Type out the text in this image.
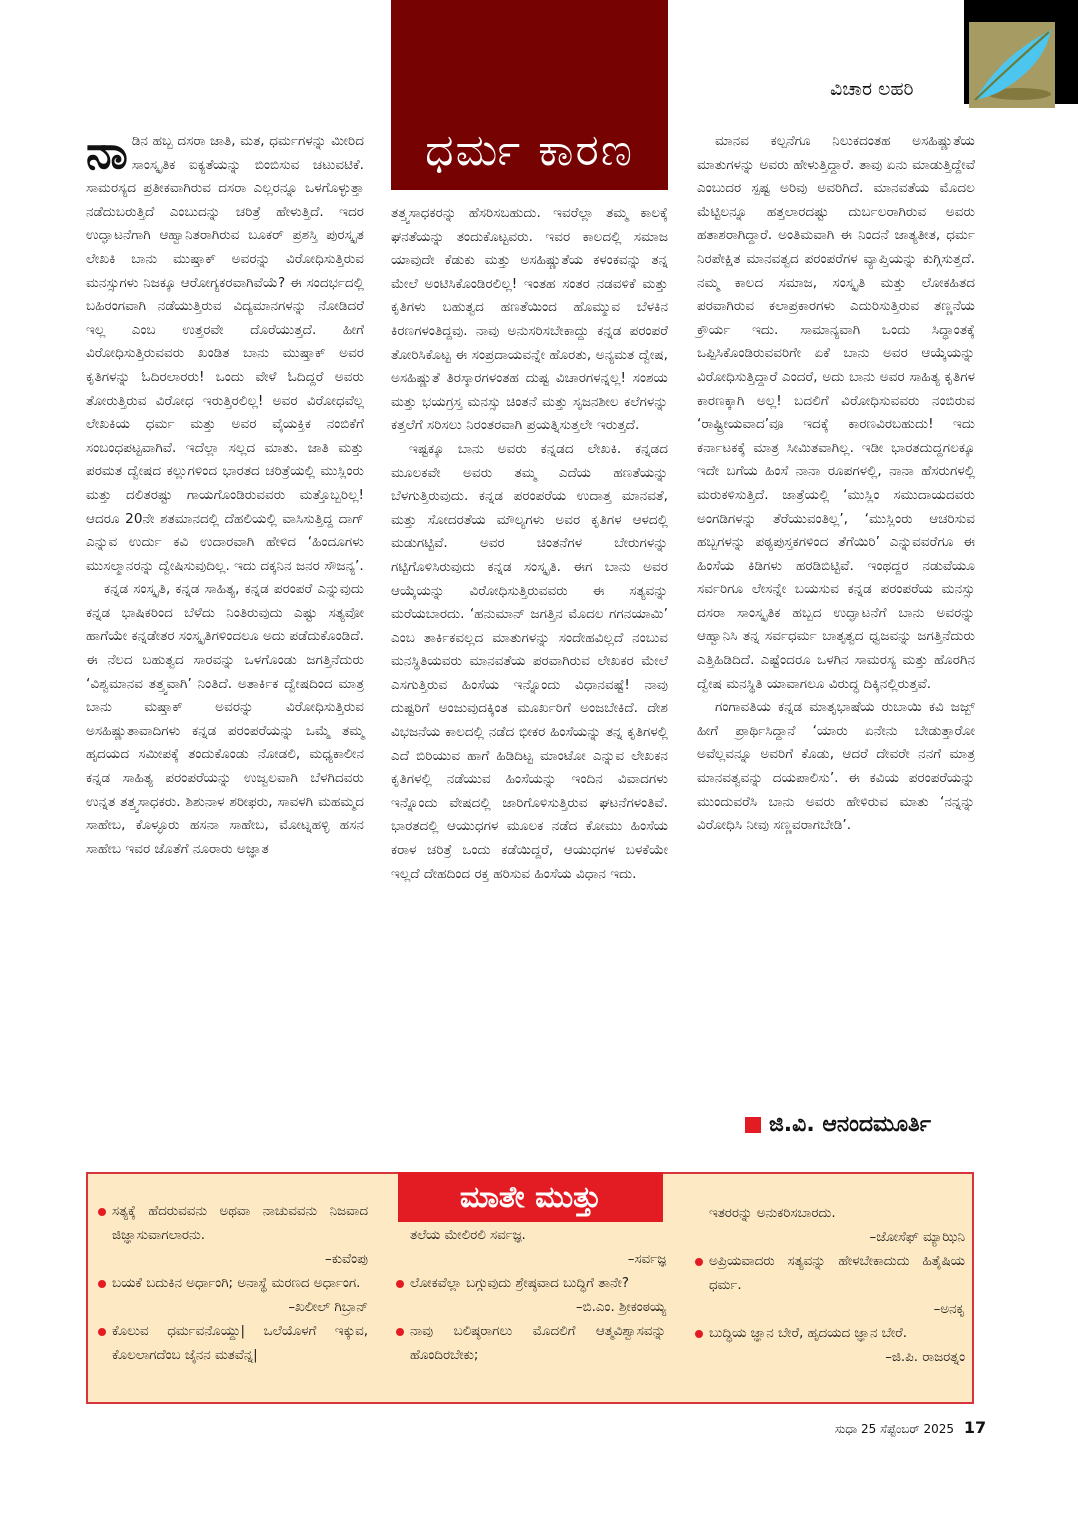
ಧರ್ಮ ಕಾರಣ
ವಿಚಾರ ಲಹರಿ

ನಾಡಿನ ಹಬ್ಬ ದಸರಾ ಜಾತಿ, ಮತ, ಧರ್ಮಗಳನ್ನು ಮೀರಿದ ಸಾಂಸ್ಕೃತಿಕ ಐಕ್ಯತೆಯನ್ನು ಬಿಂಬಿಸುವ ಚಟುವಟಿಕೆ. ಸಾಮರಸ್ಯದ ಪ್ರತೀಕವಾಗಿರುವ ದಸರಾ ಎಲ್ಲರನ್ನೂ ಒಳಗೊಳ್ಳುತ್ತಾ ನಡೆದುಬರುತ್ತಿದೆ ಎಂಬುದನ್ನು ಚರಿತ್ರೆ ಹೇಳುತ್ತಿದೆ. ಇದರ ಉದ್ಘಾಟನೆಗಾಗಿ ಆಹ್ವಾನಿತರಾಗಿರುವ ಬೂಕರ್ ಪ್ರಶಸ್ತಿ ಪುರಸ್ಕೃತ ಲೇಖಕಿ ಬಾನು ಮುಷ್ತಾಕ್ ಅವರನ್ನು ವಿರೋಧಿಸುತ್ತಿರುವ ಮನಸ್ಸುಗಳು ನಿಜಕ್ಕೂ ಆರೋಗ್ಯಕರವಾಗಿವೆಯೆ? ಈ ಸಂದರ್ಭದಲ್ಲಿ ಬಹಿರಂಗವಾಗಿ ನಡೆಯುತ್ತಿರುವ ವಿದ್ಯಮಾನಗಳನ್ನು ನೋಡಿದರೆ ಇಲ್ಲ ಎಂಬ ಉತ್ತರವೇ ದೊರೆಯುತ್ತದೆ. ಹೀಗೆ ವಿರೋಧಿಸುತ್ತಿರುವವರು ಖಂಡಿತ ಬಾನು ಮುಷ್ತಾಕ್ ಅವರ ಕೃತಿಗಳನ್ನು ಓದಿರಲಾರರು! ಒಂದು ವೇಳೆ ಓದಿದ್ದರೆ ಅವರು ತೋರುತ್ತಿರುವ ವಿರೋಧ ಇರುತ್ತಿರಲಿಲ್ಲ! ಅವರ ವಿರೋಧವೆಲ್ಲ ಲೇಖಕಿಯ ಧರ್ಮ ಮತ್ತು ಅವರ ವೈಯಕ್ತಿಕ ನಂಬಿಕೆಗೆ ಸಂಬಂಧಪಟ್ಟವಾಗಿವೆ. ಇದೆಲ್ಲಾ ಸಲ್ಲದ ಮಾತು. ಜಾತಿ ಮತ್ತು ಪರಮತ ದ್ವೇಷದ ಕಲ್ಲುಗಳಿಂದ ಭಾರತದ ಚರಿತ್ರೆಯಲ್ಲಿ ಮುಸ್ಲಿಂರು ಮತ್ತು ದಲಿತರಷ್ಟು ಗಾಯಗೊಂಡಿರುವವರು ಮತ್ತೊಬ್ಬರಿಲ್ಲ! ಆದರೂ 20ನೇ ಶತಮಾನದಲ್ಲಿ ದೆಹಲಿಯಲ್ಲಿ ವಾಸಿಸುತ್ತಿದ್ದ ದಾಗ್ ಎನ್ನುವ ಉರ್ದು ಕವಿ ಉದಾರವಾಗಿ ಹೇಳಿದ ‘ಹಿಂದೂಗಳು ಮುಸಲ್ಮಾನರನ್ನು ದ್ವೇಷಿಸುವುದಿಲ್ಲ. ಇದು ದಕ್ಕನಿನ ಜನರ ಸೌಜನ್ಯ’.

ಕನ್ನಡ ಸಂಸ್ಕೃತಿ, ಕನ್ನಡ ಸಾಹಿತ್ಯ, ಕನ್ನಡ ಪರಂಪರೆ ಎನ್ನುವುದು ಕನ್ನಡ ಭಾಷಿಕರಿಂದ ಬೆಳೆದು ನಿಂತಿರುವುದು ಎಷ್ಟು ಸತ್ಯವೋ ಹಾಗೆಯೇ ಕನ್ನಡೇತರ ಸಂಸ್ಕೃತಿಗಳಿಂದಲೂ ಅದು ಪಡೆದುಕೊಂಡಿದೆ. ಈ ನೆಲದ ಬಹುತ್ವದ ಸಾರವನ್ನು ಒಳಗೊಂಡು ಜಗತ್ತಿನೆದುರು ‘ವಿಶ್ವಮಾನವ ತತ್ತ್ವವಾಗಿ’ ನಿಂತಿದೆ. ಅತಾರ್ಕಿಕ ದ್ವೇಷದಿಂದ ಮಾತ್ರ ಬಾನು ಮಷ್ತಾಕ್ ಅವರನ್ನು ವಿರೋಧಿಸುತ್ತಿರುವ ಅಸಹಿಷ್ಣುತಾವಾದಿಗಳು ಕನ್ನಡ ಪರಂಪರೆಯನ್ನು ಒಮ್ಮೆ ತಮ್ಮ ಹೃದಯದ ಸಮೀಪಕ್ಕೆ ತಂದುಕೊಂಡು ನೋಡಲಿ, ಮಧ್ಯಕಾಲೀನ ಕನ್ನಡ ಸಾಹಿತ್ಯ ಪರಂಪರೆಯನ್ನು ಉಜ್ವಲವಾಗಿ ಬೆಳಗಿದವರು ಉನ್ನತ ತತ್ತ್ವಸಾಧಕರು. ಶಿಶುನಾಳ ಶರೀಫರು, ಸಾವಳಗಿ ಮಹಮ್ಮದ ಸಾಹೇಬ, ಕೊಳ್ಳೂರು ಹಸನಾ ಸಾಹೇಬ, ಮೋಟ್ನಹಳ್ಳಿ ಹಸನ ಸಾಹೇಬ ಇವರ ಜೊತೆಗೆ ನೂರಾರು ಅಜ್ಞಾತ

ತತ್ತ್ವಸಾಧಕರನ್ನು ಹೆಸರಿಸಬಹುದು. ಇವರೆಲ್ಲಾ ತಮ್ಮ ಕಾಲಕ್ಕೆ ಘನತೆಯನ್ನು ತಂದುಕೊಟ್ಟವರು. ಇವರ ಕಾಲದಲ್ಲಿ ಸಮಾಜ ಯಾವುದೇ ಕೆಡುಕು ಮತ್ತು ಅಸಹಿಷ್ಣುತೆಯ ಕಳಂಕವನ್ನು ತನ್ನ ಮೇಲೆ ಅಂಟಿಸಿಕೊಂಡಿರಲಿಲ್ಲ! ಇಂತಹ ಸಂತರ ನಡವಳಿಕೆ ಮತ್ತು ಕೃತಿಗಳು ಬಹುತ್ವದ ಹಣತೆಯಿಂದ ಹೊಮ್ಮುವ ಬೆಳಕಿನ ಕಿರಣಗಳಂತಿದ್ದವು. ನಾವು ಅನುಸರಿಸಬೇಕಾದ್ದು ಕನ್ನಡ ಪರಂಪರೆ ತೋರಿಸಿಕೊಟ್ಟ ಈ ಸಂಪ್ರದಾಯವನ್ನೇ ಹೊರತು, ಅನ್ಯಮತ ದ್ವೇಷ, ಅಸಹಿಷ್ಣುತೆ ತಿರಸ್ಕಾರಗಳಂತಹ ದುಷ್ಟ ವಿಚಾರಗಳನ್ನಲ್ಲ! ಸಂಶಯ ಮತ್ತು ಭಯಗ್ರಸ್ತ ಮನಸ್ಸು ಚಿಂತನೆ ಮತ್ತು ಸೃಜನಶೀಲ ಕಲೆಗಳನ್ನು ಕತ್ತಲೆಗೆ ಸರಿಸಲು ನಿರಂತರವಾಗಿ ಪ್ರಯತ್ನಿಸುತ್ತಲೇ ಇರುತ್ತದೆ.

ಇಷ್ಟಕ್ಕೂ ಬಾನು ಅವರು ಕನ್ನಡದ ಲೇಖಕಿ. ಕನ್ನಡದ ಮೂಲಕವೇ ಅವರು ತಮ್ಮ ಎದೆಯ ಹಣತೆಯನ್ನು ಬೆಳಗುತ್ತಿರುವುದು. ಕನ್ನಡ ಪರಂಪರೆಯ ಉದಾತ್ತ ಮಾನವತೆ, ಮತ್ತು ಸೋದರತೆಯ ಮೌಲ್ಯಗಳು ಅವರ ಕೃತಿಗಳ ಆಳದಲ್ಲಿ ಮಡುಗಟ್ಟಿವೆ. ಅವರ ಚಿಂತನೆಗಳ ಬೇರುಗಳನ್ನು ಗಟ್ಟಿಗೊಳಿಸಿರುವುದು ಕನ್ನಡ ಸಂಸ್ಕೃತಿ. ಈಗ ಬಾನು ಅವರ ಆಯ್ಕೆಯನ್ನು ವಿರೋಧಿಸುತ್ತಿರುವವರು ಈ ಸತ್ಯವನ್ನು ಮರೆಯಬಾರದು. ‘ಹನುಮಾನ್ ಜಗತ್ತಿನ ಮೊದಲ ಗಗನಯಾಮಿ’ ಎಂಬ ತಾರ್ಕಿಕವಲ್ಲದ ಮಾತುಗಳನ್ನು ಸಂದೇಹವಿಲ್ಲದೆ ನಂಬುವ ಮನಸ್ಥಿತಿಯವರು ಮಾನವತೆಯ ಪರವಾಗಿರುವ ಲೇಖಕರ ಮೇಲೆ ಎಸಗುತ್ತಿರುವ ಹಿಂಸೆಯ ಇನ್ನೊಂದು ವಿಧಾನವಷ್ಟೆ! ನಾವು ದುಷ್ಟರಿಗೆ ಅಂಜುವುದಕ್ಕಿಂತ ಮೂರ್ಖರಿಗೆ ಅಂಜಬೇಕಿದೆ. ದೇಶ ವಿಭಜನೆಯ ಕಾಲದಲ್ಲಿ ನಡೆದ ಭೀಕರ ಹಿಂಸೆಯನ್ನು ತನ್ನ ಕೃತಿಗಳಲ್ಲಿ ಎದೆ ಬಿರಿಯುವ ಹಾಗೆ ಹಿಡಿದಿಟ್ಟ ಮಾಂಟೋ ಎನ್ನುವ ಲೇಖಕನ ಕೃತಿಗಳಲ್ಲಿ ನಡೆಯುವ ಹಿಂಸೆಯನ್ನು ಇಂದಿನ ವಿವಾದಗಳು ಇನ್ನೊಂದು ವೇಷದಲ್ಲಿ ಜಾರಿಗೊಳಿಸುತ್ತಿರುವ ಘಟನೆಗಳಂತಿವೆ. ಭಾರತದಲ್ಲಿ ಆಯುಧಗಳ ಮೂಲಕ ನಡೆದ ಕೋಮು ಹಿಂಸೆಯ ಕರಾಳ ಚರಿತ್ರೆ ಒಂದು ಕಡೆಯಿದ್ದರೆ, ಆಯುಧಗಳ ಬಳಕೆಯೇ ಇಲ್ಲದೆ ದೇಹದಿಂದ ರಕ್ತ ಹರಿಸುವ ಹಿಂಸೆಯ ವಿಧಾನ ಇದು.

ಮಾನವ ಕಲ್ಪನೆಗೂ ನಿಲುಕದಂತಹ ಅಸಹಿಷ್ಣುತೆಯ ಮಾತುಗಳನ್ನು ಅವರು ಹೇಳುತ್ತಿದ್ದಾರೆ. ತಾವು ಏನು ಮಾಡುತ್ತಿದ್ದೇವೆ ಎಂಬುದರ ಸ್ಪಷ್ಟ ಅರಿವು ಅವರಿಗಿದೆ. ಮಾನವತೆಯ ಮೊದಲ ಮೆಟ್ಟಿಲನ್ನೂ ಹತ್ತಲಾರದಷ್ಟು ದುರ್ಬಲರಾಗಿರುವ ಅವರು ಹತಾಶರಾಗಿದ್ದಾರೆ. ಅಂತಿಮವಾಗಿ ಈ ನಿಂದನೆ ಜಾತ್ಯತೀತ, ಧರ್ಮ ನಿರಪೇಕ್ಷಿತ ಮಾನವತ್ವದ ಪರಂಪರೆಗಳ ವ್ಯಾಪ್ತಿಯನ್ನು ಕುಗ್ಗಿಸುತ್ತದೆ. ನಮ್ಮ ಕಾಲದ ಸಮಾಜ, ಸಂಸ್ಕೃತಿ ಮತ್ತು ಲೋಕಹಿತದ ಪರವಾಗಿರುವ ಕಲಾಪ್ರಕಾರಗಳು ಎದುರಿಸುತ್ತಿರುವ ತಣ್ಣನೆಯ ಕ್ರೌರ್ಯ ಇದು. ಸಾಮಾನ್ಯವಾಗಿ ಒಂದು ಸಿದ್ಧಾಂತಕ್ಕೆ ಒಪ್ಪಿಸಿಕೊಂಡಿರುವವರಿಗೇ ಏಕೆ ಬಾನು ಅವರ ಆಯ್ಕೆಯನ್ನು ವಿರೋಧಿಸುತ್ತಿದ್ದಾರೆ ಎಂದರೆ, ಅದು ಬಾನು ಅವರ ಸಾಹಿತ್ಯ ಕೃತಿಗಳ ಕಾರಣಕ್ಕಾಗಿ ಅಲ್ಲ! ಬದಲಿಗೆ ವಿರೋಧಿಸುವವರು ನಂಬಿರುವ ‘ರಾಷ್ಟ್ರೀಯವಾದ’ವೂ ಇದಕ್ಕೆ ಕಾರಣವಿರಬಹುದು! ಇದು ಕರ್ನಾಟಕಕ್ಕೆ ಮಾತ್ರ ಸೀಮಿತವಾಗಿಲ್ಲ. ಇಡೀ ಭಾರತದುದ್ದಗಲಕ್ಕೂ ಇದೇ ಬಗೆಯ ಹಿಂಸೆ ನಾನಾ ರೂಪಗಳಲ್ಲಿ, ನಾನಾ ಹೆಸರುಗಳಲ್ಲಿ ಮರುಕಳಿಸುತ್ತಿದೆ. ಜಾತ್ರೆಯಲ್ಲಿ ‘ಮುಸ್ಲಿಂ ಸಮುದಾಯದವರು ಅಂಗಡಿಗಳನ್ನು ತೆರೆಯುವಂತಿಲ್ಲ’, ‘ಮುಸ್ಲಿಂರು ಆಚರಿಸುವ ಹಬ್ಬಗಳನ್ನು ಪಠ್ಯಪುಸ್ತಕಗಳಿಂದ ತೆಗೆಯಿರಿ’ ಎನ್ನುವವರೆಗೂ ಈ ಹಿಂಸೆಯ ಕಿಡಿಗಳು ಹರಡಿಬಿಟ್ಟಿವೆ. ಇಂಥದ್ದರ ನಡುವೆಯೂ ಸರ್ವರಿಗೂ ಲೇಸನ್ನೇ ಬಯಸುವ ಕನ್ನಡ ಪರಂಪರೆಯ ಮನಸ್ಸು ದಸರಾ ಸಾಂಸ್ಕೃತಿಕ ಹಬ್ಬದ ಉದ್ಘಾಟನೆಗೆ ಬಾನು ಅವರನ್ನು ಆಹ್ವಾನಿಸಿ ತನ್ನ ಸರ್ವಧರ್ಮ ಬಾತೃತ್ವದ ಧ್ವಜವನ್ನು ಜಗತ್ತಿನೆದುರು ಎತ್ತಿಹಿಡಿದಿದೆ. ಎಷ್ಟೆಂದರೂ ಒಳಗಿನ ಸಾಮರಸ್ಯ ಮತ್ತು ಹೊರಗಿನ ದ್ವೇಷ ಮನಸ್ಥಿತಿ ಯಾವಾಗಲೂ ವಿರುದ್ಧ ದಿಕ್ಕಿನಲ್ಲಿರುತ್ತವೆ.

ಗಂಗಾವತಿಯ ಕನ್ನಡ ಮಾತೃಭಾಷೆಯ ರುಬಾಯಿ ಕವಿ ಜಜ್ಬ್ ಹೀಗೆ ಪ್ರಾರ್ಥಿಸಿದ್ದಾನೆ ‘ಯಾರು ಏನೇನು ಬೇಡುತ್ತಾರೋ ಅವೆಲ್ಲವನ್ನೂ ಅವರಿಗೆ ಕೊಡು, ಆದರೆ ದೇವರೇ ನನಗೆ ಮಾತ್ರ ಮಾನವತ್ವವನ್ನು ದಯಪಾಲಿಸು’. ಈ ಕವಿಯ ಪರಂಪರೆಯನ್ನು ಮುಂದುವರೆಸಿ ಬಾನು ಅವರು ಹೇಳಿರುವ ಮಾತು ‘ನನ್ನನ್ನು ವಿರೋಧಿಸಿ ನೀವು ಸಣ್ಣವರಾಗಬೇಡಿ’.

ಜಿ.ವಿ. ಆನಂದಮೂರ್ತಿ
ಮಾತೇ ಮುತ್ತು
ಸತ್ಯಕ್ಕೆ ಹೆದರುವವನು ಅಥವಾ ನಾಚುವವನು ನಿಜವಾದ ಜಿಜ್ಞಾಸುವಾಗಲಾರನು.
–ಕುವೆಂಪು
ಬಯಕೆ ಬದುಕಿನ ಅರ್ಧಾಂಗಿ; ಅನಾಸ್ಥೆ ಮರಣದ ಅರ್ಧಾಂಗ.
–ಖಲೀಲ್ ಗಿಬ್ರಾನ್
ಕೊಲುವ ಧರ್ಮವನೊಯ್ದು| ಒಲೆಯೊಳಗೆ ಇಕ್ಕುವ, ಕೊಲಲಾಗದೆಂಬ ಜೈನನ ಮತವೆನ್ನ|
ತಲೆಯ ಮೇಲಿರಲಿ ಸರ್ವಜ್ಞ.
–ಸರ್ವಜ್ಞ
ಲೋಕವೆಲ್ಲಾ ಬಗ್ಗುವುದು ಶ್ರೇಷ್ಠವಾದ ಬುದ್ಧಿಗೆ ತಾನೇ?
–ಬಿ.ಎಂ. ಶ್ರೀಕಂಠಯ್ಯ
ನಾವು ಬಲಿಷ್ಠರಾಗಲು ಮೊದಲಿಗೆ ಆತ್ಮವಿಶ್ವಾಸವನ್ನು ಹೊಂದಿರಬೇಕು;
ಇತರರನ್ನು ಅನುಕರಿಸಬಾರದು.
–ಜೋಸೆಫ್ ಮ್ಯಾಝಿನಿ
ಅಪ್ರಿಯವಾದರು ಸತ್ಯವನ್ನು ಹೇಳಬೇಕಾದುದು ಹಿತೈಷಿಯ ಧರ್ಮ.
–ಅನಕೃ
ಬುದ್ಧಿಯ ಜ್ಞಾನ ಬೇರೆ, ಹೃದಯದ ಜ್ಞಾನ ಬೇರೆ.
–ಜಿ.ಪಿ. ರಾಜರತ್ನಂ
ಸುಧಾ 25 ಸೆಪ್ಟೆಂಬರ್ 2025 17
